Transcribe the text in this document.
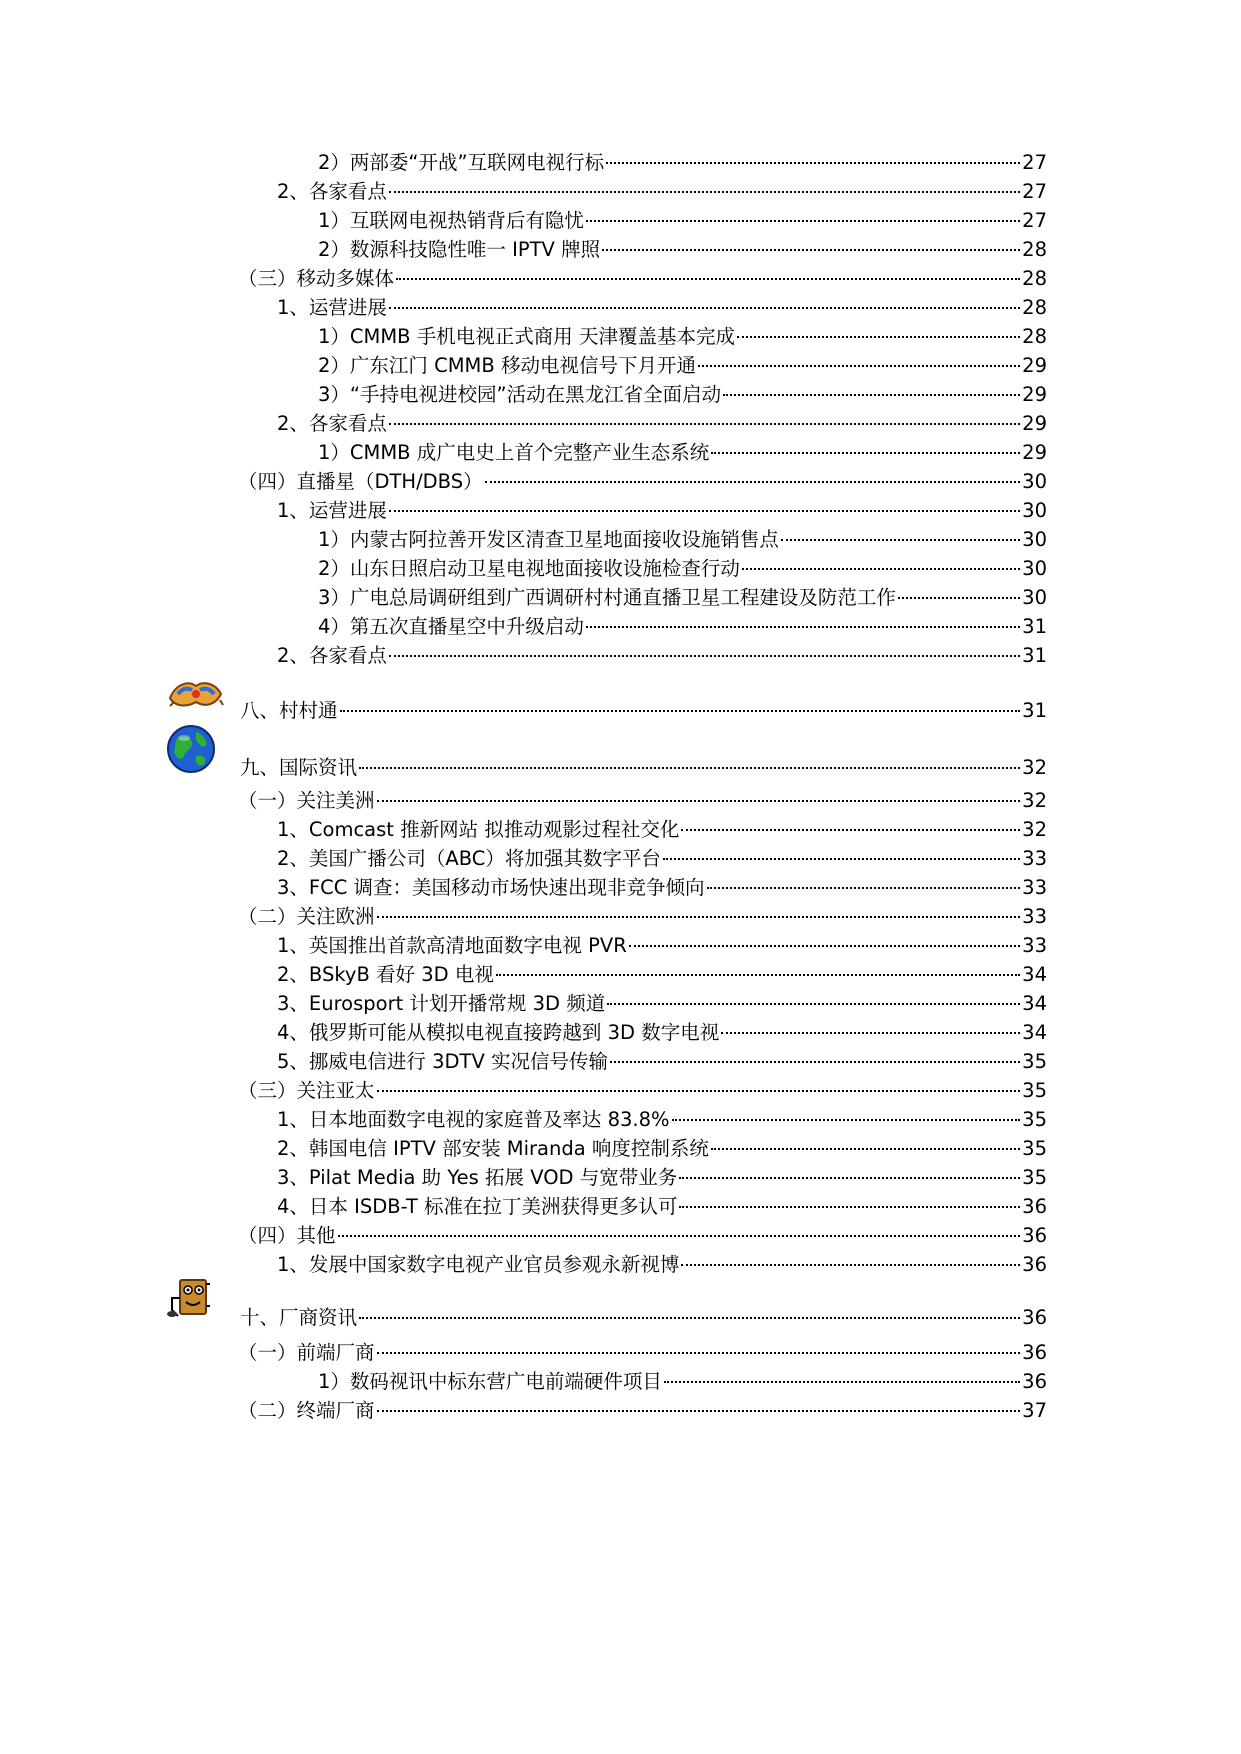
2）两部委“开战”互联网电视行标	27
2、各家看点	27
1）互联网电视热销背后有隐忧	27
2）数源科技隐性唯一 IPTV 牌照	28
（三）移动多媒体	28
1、运营进展	28
1）CMMB 手机电视正式商用 天津覆盖基本完成	28
2）广东江门 CMMB 移动电视信号下月开通	29
3）“手持电视进校园”活动在黑龙江省全面启动	29
2、各家看点	29
1）CMMB 成广电史上首个完整产业生态系统	29
（四）直播星（DTH/DBS）	30
1、运营进展	30
1）内蒙古阿拉善开发区清查卫星地面接收设施销售点	30
2）山东日照启动卫星电视地面接收设施检查行动	30
3）广电总局调研组到广西调研村村通直播卫星工程建设及防范工作	30
4）第五次直播星空中升级启动	31
2、各家看点	31
八、村村通	31
九、国际资讯	32
（一）关注美洲	32
1、Comcast 推新网站 拟推动观影过程社交化	32
2、美国广播公司（ABC）将加强其数字平台	33
3、FCC 调查：美国移动市场快速出现非竞争倾向	33
（二）关注欧洲	33
1、英国推出首款高清地面数字电视 PVR	33
2、BSkyB 看好 3D 电视	34
3、Eurosport 计划开播常规 3D 频道	34
4、俄罗斯可能从模拟电视直接跨越到 3D 数字电视	34
5、挪威电信进行 3DTV 实况信号传输	35
（三）关注亚太	35
1、日本地面数字电视的家庭普及率达 83.8%	35
2、韩国电信 IPTV 部安装 Miranda 响度控制系统	35
3、Pilat Media 助 Yes 拓展 VOD 与宽带业务	35
4、日本 ISDB-T 标准在拉丁美洲获得更多认可	36
（四）其他	36
1、发展中国家数字电视产业官员参观永新视博	36
十、厂商资讯	36
（一）前端厂商	36
1）数码视讯中标东营广电前端硬件项目	36
（二）终端厂商	37
